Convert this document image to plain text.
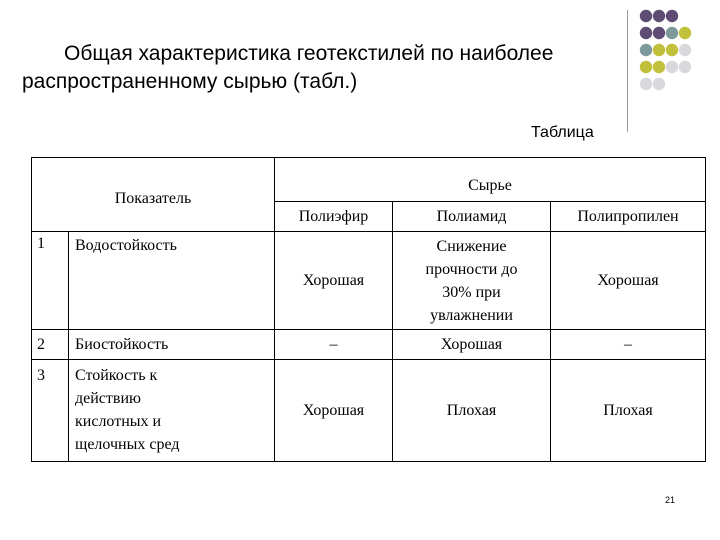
Общая характеристика геотекстилей по наиболее
распространенному сырью (табл.)
Таблица
Показатель		Сырье		
		Полиэфир	Полиамид	Полипропилен
1	Водостойкость	Хорошая	Снижение прочности до 30% при увлажнении	Хорошая
2	Биостойкость	–	Хорошая	–
3	Стойкость к действию кислотных и щелочных сред	Хорошая	Плохая	Плохая
21
